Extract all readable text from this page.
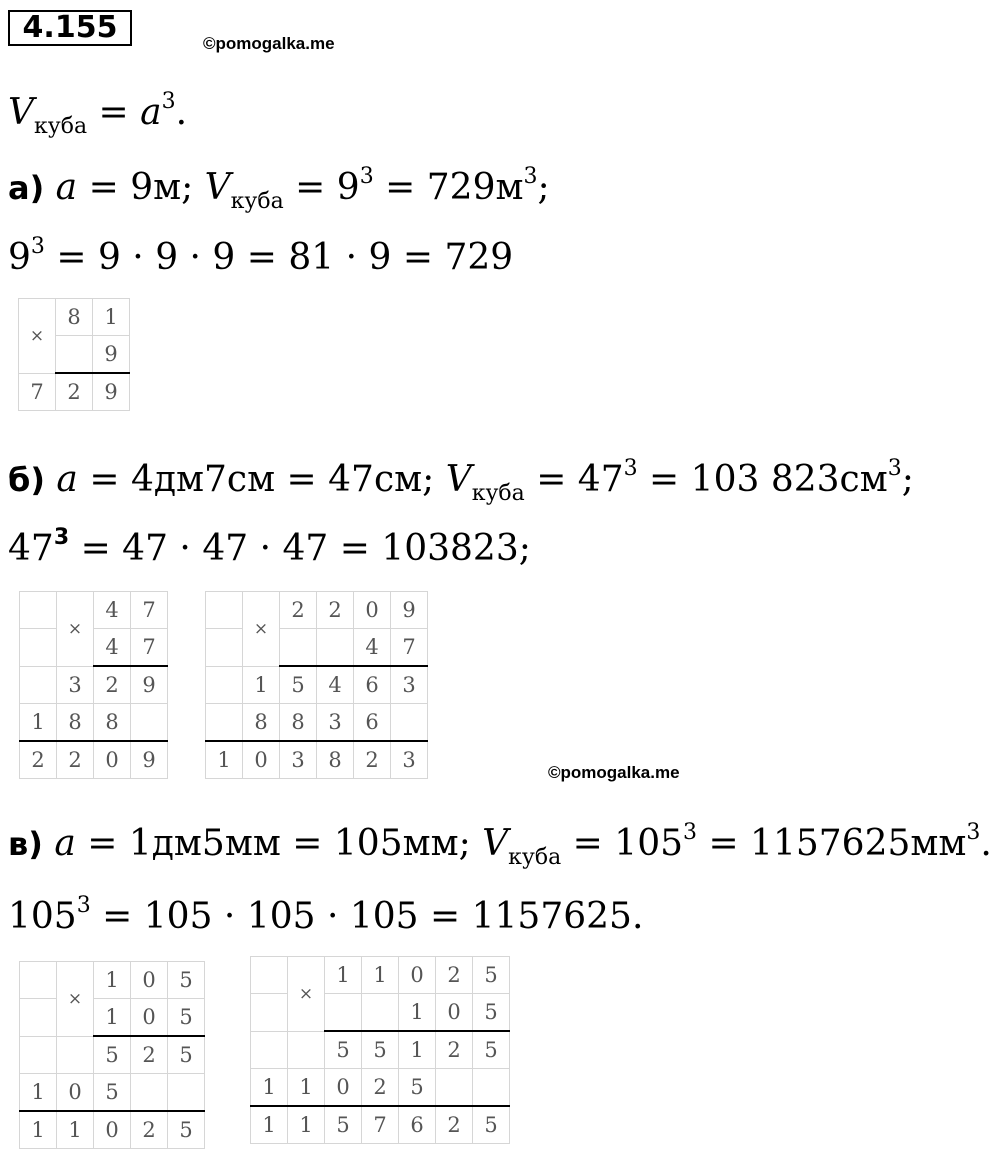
4.155	©pomogalka.me
$V_{куба} = a^3$.
а) a = 9м; $V_{куба} = 9^3 = 729м^3$;
$9^3 = 9 \cdot 9 \cdot 9 = 81 \cdot 9 = 729$
×	8	1
		9
7	2	9
б) a = 4дм7см = 47см; $V_{куба} = 47^3 = 103$ $823см^3$;
$47^3 = 47 \cdot 47 \cdot 47 = 103823$;
	×	4	7
		4	7
	3	2	9
1	8	8	
2	2	0	9
	×	2	2	0	9
				4	7
	1	5	4	6	3
	8	8	3	6	
1	0	3	8	2	3
©pomogalka.me
в) a = 1дм5мм = 105мм; $V_{куба} = 105^3 = 1157625мм^3$.
$105^3 = 105 \cdot 105 \cdot 105 = 1157625$.
	×	1	0	5
		1	0	5
		5	2	5
1	0	5		
1	1	0	2	5
	×	1	1	0	2	5
				1	0	5
		5	5	1	2	5
1	1	0	2	5		
1	1	5	7	6	2	5
